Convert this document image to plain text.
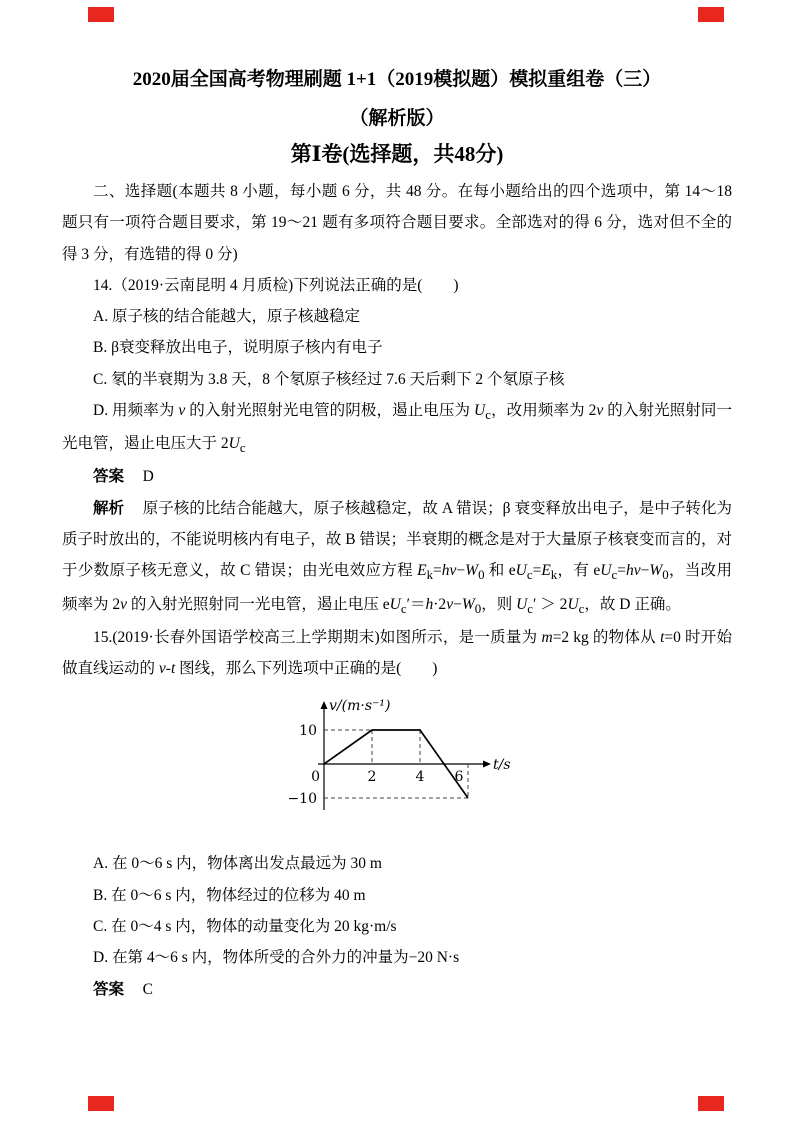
2020届全国高考物理刷题 1+1（2019模拟题）模拟重组卷（三）
（解析版）
第Ⅰ卷(选择题，共48分)

二、选择题(本题共 8 小题，每小题 6 分，共 48 分。在每小题给出的四个选项中，第 14～18 题只有一项符合题目要求，第 19～21 题有多项符合题目要求。全部选对的得 6 分，选对但不全的得 3 分，有选错的得 0 分)

14.（2019·云南昆明 4 月质检)下列说法正确的是(　　)

A. 原子核的结合能越大，原子核越稳定

B. β衰变释放出电子，说明原子核内有电子

C. 氡的半衰期为 3.8 天，8 个氡原子核经过 7.6 天后剩下 2 个氡原子核

D. 用频率为 v 的入射光照射光电管的阴极，遏止电压为 $U_c$，改用频率为 2v 的入射光照射同一光电管，遏止电压大于 $2U_c$

答案 D

解析 原子核的比结合能越大，原子核越稳定，故 A 错误；β 衰变释放出电子，是中子转化为质子时放出的，不能说明核内有电子，故 B 错误；半衰期的概念是对于大量原子核衰变而言的，对于少数原子核无意义，故 C 错误；由光电效应方程 $E_k=hv-W_0$ 和 $eU_c=E_k$，有 $eU_c=hv-W_0$，当改用频率为 2v 的入射光照射同一光电管，遏止电压 $eU_c'=h\cdot 2v-W_0$，则 $U_c' > 2U_c$，故 D 正确。

15.(2019·长春外国语学校高三上学期期末)如图所示，是一质量为 m=2 kg 的物体从 t=0 时开始做直线运动的 v-t 图线，那么下列选项中正确的是(　　)

v/(m·s⁻¹)
t/s
10
−10
2	4 6
0

A. 在 0～6 s 内，物体离出发点最远为 30 m

B. 在 0～6 s 内，物体经过的位移为 40 m

C. 在 0～4 s 内，物体的动量变化为 20 kg·m/s

D. 在第 4～6 s 内，物体所受的合外力的冲量为−20 N·s

答案 C
